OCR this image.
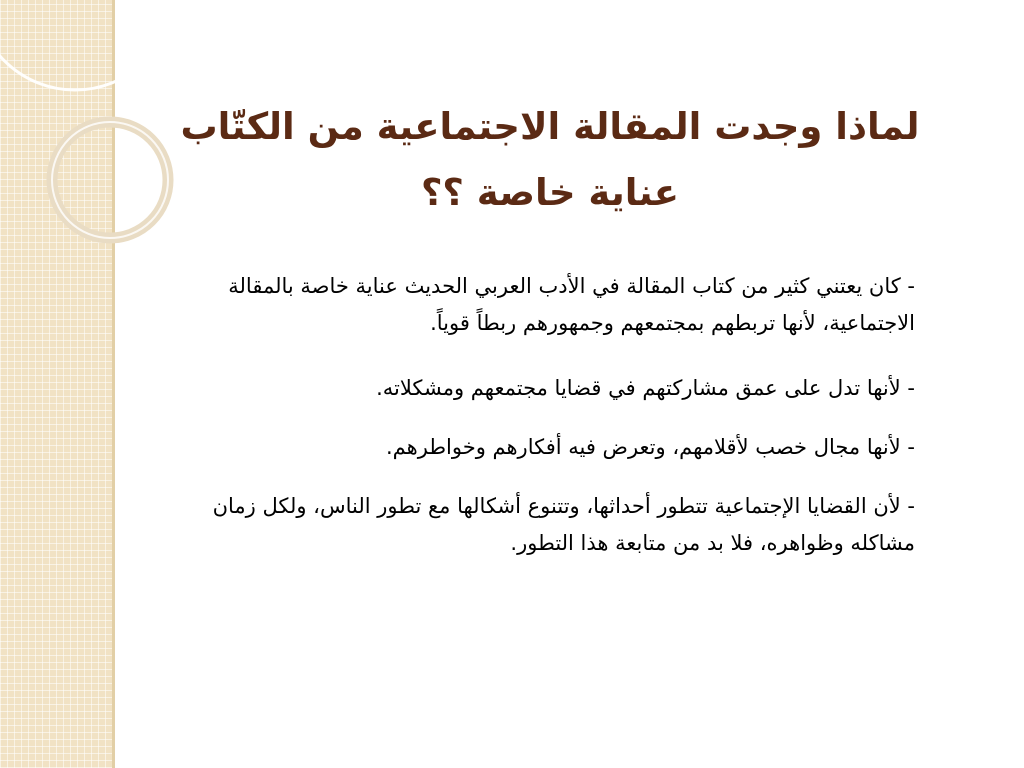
لماذا وجدت المقالة الاجتماعية من الكتّاب
عناية خاصة ؟؟

- كان يعتني كثير من كتاب المقالة في الأدب العربي الحديث عناية خاصة بالمقالة الاجتماعية، لأنها تربطهم بمجتمعهم وجمهورهم ربطاً قوياً.

- لأنها تدل على عمق مشاركتهم في قضايا مجتمعهم ومشكلاته.

- لأنها مجال خصب لأقلامهم، وتعرض فيه أفكارهم وخواطرهم.

- لأن القضايا الإجتماعية تتطور أحداثها، وتتنوع أشكالها مع تطور الناس، ولكل زمان مشاكله وظواهره، فلا بد من متابعة هذا التطور.
